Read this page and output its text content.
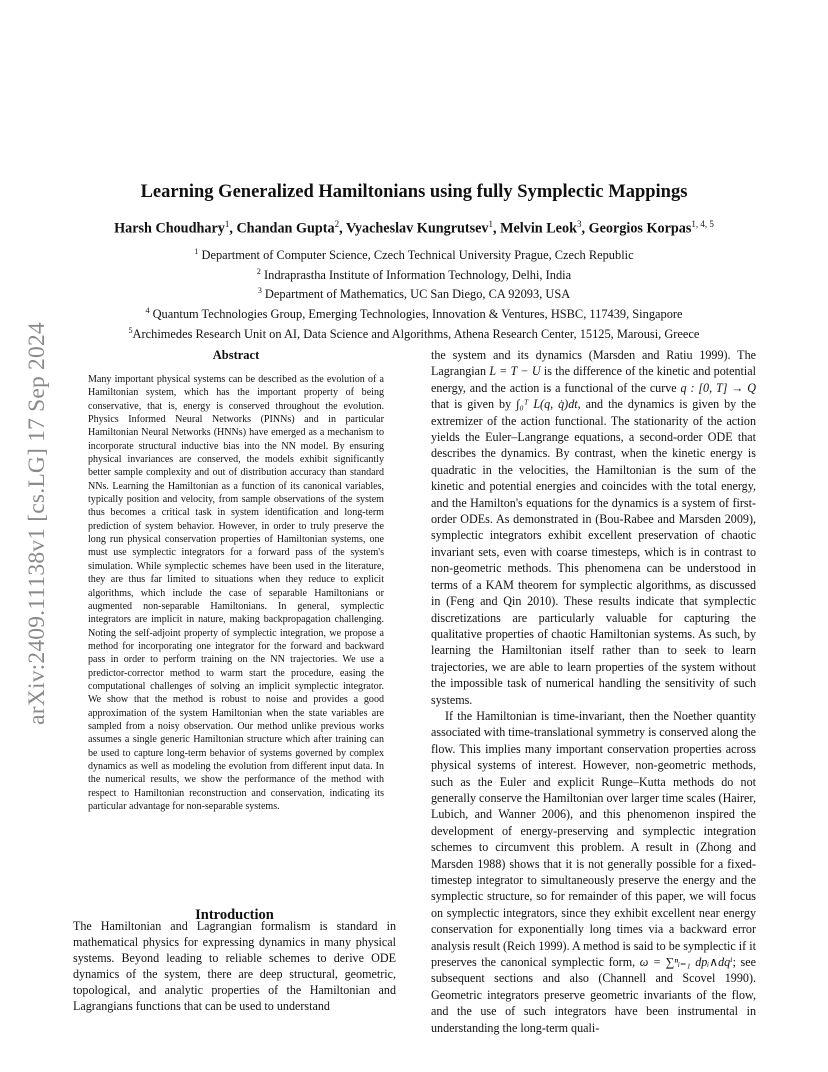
arXiv:2409.11138v1 [cs.LG] 17 Sep 2024
Learning Generalized Hamiltonians using fully Symplectic Mappings
Harsh Choudhary$^1$, Chandan Gupta$^2$, Vyacheslav Kungrutsev$^1$, Melvin Leok$^3$, Georgios Korpas$^{1, 4, 5}$
$^1$ Department of Computer Science, Czech Technical University Prague, Czech Republic
$^2$ Indraprastha Institute of Information Technology, Delhi, India
$^3$ Department of Mathematics, UC San Diego, CA 92093, USA
$^4$ Quantum Technologies Group, Emerging Technologies, Innovation & Ventures, HSBC, 117439, Singapore
$^5$Archimedes Research Unit on AI, Data Science and Algorithms, Athena Research Center, 15125, Marousi, Greece
Abstract

Many important physical systems can be described as the evolution of a Hamiltonian system, which has the important property of being conservative, that is, energy is conserved throughout the evolution. Physics Informed Neural Networks (PINNs) and in particular Hamiltonian Neural Networks (HNNs) have emerged as a mechanism to incorporate structural inductive bias into the NN model. By ensuring physical invariances are conserved, the models exhibit significantly better sample complexity and out of distribution accuracy than standard NNs. Learning the Hamiltonian as a function of its canonical variables, typically position and velocity, from sample observations of the system thus becomes a critical task in system identification and long-term prediction of system behavior. However, in order to truly preserve the long run physical conservation properties of Hamiltonian systems, one must use symplectic integrators for a forward pass of the system's simulation. While symplectic schemes have been used in the literature, they are thus far limited to situations when they reduce to explicit algorithms, which include the case of separable Hamiltonians or augmented non-separable Hamiltonians. In general, symplectic integrators are implicit in nature, making backpropagation challenging. Noting the self-adjoint property of symplectic integration, we propose a method for incorporating one integrator for the forward and backward pass in order to perform training on the NN trajectories. We use a predictor-corrector method to warm start the procedure, easing the computational challenges of solving an implicit symplectic integrator. We show that the method is robust to noise and provides a good approximation of the system Hamiltonian when the state variables are sampled from a noisy observation. Our method unlike previous works assumes a single generic Hamiltonian structure which after training can be used to capture long-term behavior of systems governed by complex dynamics as well as modeling the evolution from different input data. In the numerical results, we show the performance of the method with respect to Hamiltonian reconstruction and conservation, indicating its particular advantage for non-separable systems.

Introduction

The Hamiltonian and Lagrangian formalism is standard in mathematical physics for expressing dynamics in many physical systems. Beyond leading to reliable schemes to derive ODE dynamics of the system, there are deep structural, geometric, topological, and analytic properties of the Hamiltonian and Lagrangians functions that can be used to understand

the system and its dynamics (Marsden and Ratiu 1999). The Lagrangian L = T − U is the difference of the kinetic and potential energy, and the action is a functional of the curve q : [0, T] → Q that is given by ∫₀ᵀ L(q, q̇)dt, and the dynamics is given by the extremizer of the action functional. The stationarity of the action yields the Euler–Langrange equations, a second-order ODE that describes the dynamics. By contrast, when the kinetic energy is quadratic in the velocities, the Hamiltonian is the sum of the kinetic and potential energies and coincides with the total energy, and the Hamilton's equations for the dynamics is a system of first-order ODEs. As demonstrated in (Bou-Rabee and Marsden 2009), symplectic integrators exhibit excellent preservation of chaotic invariant sets, even with coarse timesteps, which is in contrast to non-geometric methods. This phenomena can be understood in terms of a KAM theorem for symplectic algorithms, as discussed in (Feng and Qin 2010). These results indicate that symplectic discretizations are particularly valuable for capturing the qualitative properties of chaotic Hamiltonian systems. As such, by learning the Hamiltonian itself rather than to seek to learn trajectories, we are able to learn properties of the system without the impossible task of numerical handling the sensitivity of such systems.

If the Hamiltonian is time-invariant, then the Noether quantity associated with time-translational symmetry is conserved along the flow. This implies many important conservation properties across physical systems of interest. However, non-geometric methods, such as the Euler and explicit Runge–Kutta methods do not generally conserve the Hamiltonian over larger time scales (Hairer, Lubich, and Wanner 2006), and this phenomenon inspired the development of energy-preserving and symplectic integration schemes to circumvent this problem. A result in (Zhong and Marsden 1988) shows that it is not generally possible for a fixed-timestep integrator to simultaneously preserve the energy and the symplectic structure, so for remainder of this paper, we will focus on symplectic integrators, since they exhibit excellent near energy conservation for exponentially long times via a backward error analysis result (Reich 1999). A method is said to be symplectic if it preserves the canonical symplectic form, ω = ∑ⁿᵢ₌₁ dpᵢ∧dqⁱ; see subsequent sections and also (Channell and Scovel 1990). Geometric integrators preserve geometric invariants of the flow, and the use of such integrators have been instrumental in understanding the long-term quali-
